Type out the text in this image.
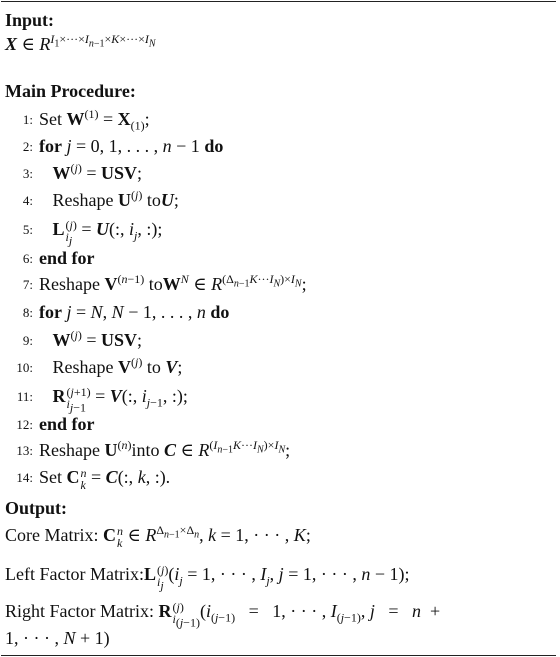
Input:
X ∈ $R^{I_1\times\cdot\cdot\cdot\times I_{n-1}\times K\times\cdot\cdot\cdot\times I_N}$
Main Procedure:
1: Set $W^{(1)} = X_{(1)}$;
2: for j = 0, 1, . . . , n − 1 do
3: $W^{(j)}$ = USV;
4: Reshape $U^{(j)}$ toU;
5: L (j)
$i_j$
= U(:, $i_j$, :);
6: end for
7: Reshape $V^{(n-1)}$ toW$^N$ ∈ $R^{(\Delta_{n-1}K\cdot\cdot\cdot I_N)\times I_N}$;
8: for j = N, N − 1, . . . , n do
9: $W^{(j)}$ = USV;
10: Reshape $V^{(j)}$ to V;
11: R (j+1)
$i_{j-1}$
= V(:, $i_{j-1}$, :);
12: end for
13: Reshape $U^{(n)}into$ C ∈ $R^{(I_{n-1}K\cdot\cdot\cdot I_N)\times I_N}$;
14: Set C n
k = C(:, k, :).
Output:
Core Matrix: C n
k ∈ $R^{\Delta_{n-1}\times\Delta_n}$, k = 1, · · · , K;
Left Factor Matrix:L (j)
$i_j$
($i_j = 1$, · · · , $I_j$, j = 1, · · · , n − 1);
Right Factor Matrix: R (j)
$i_{(j-1)}$
($i_{(j-1)} = 1$, · · · , $I_{(j-1)}$, j   =   n  +
1, · · · , N + 1)
